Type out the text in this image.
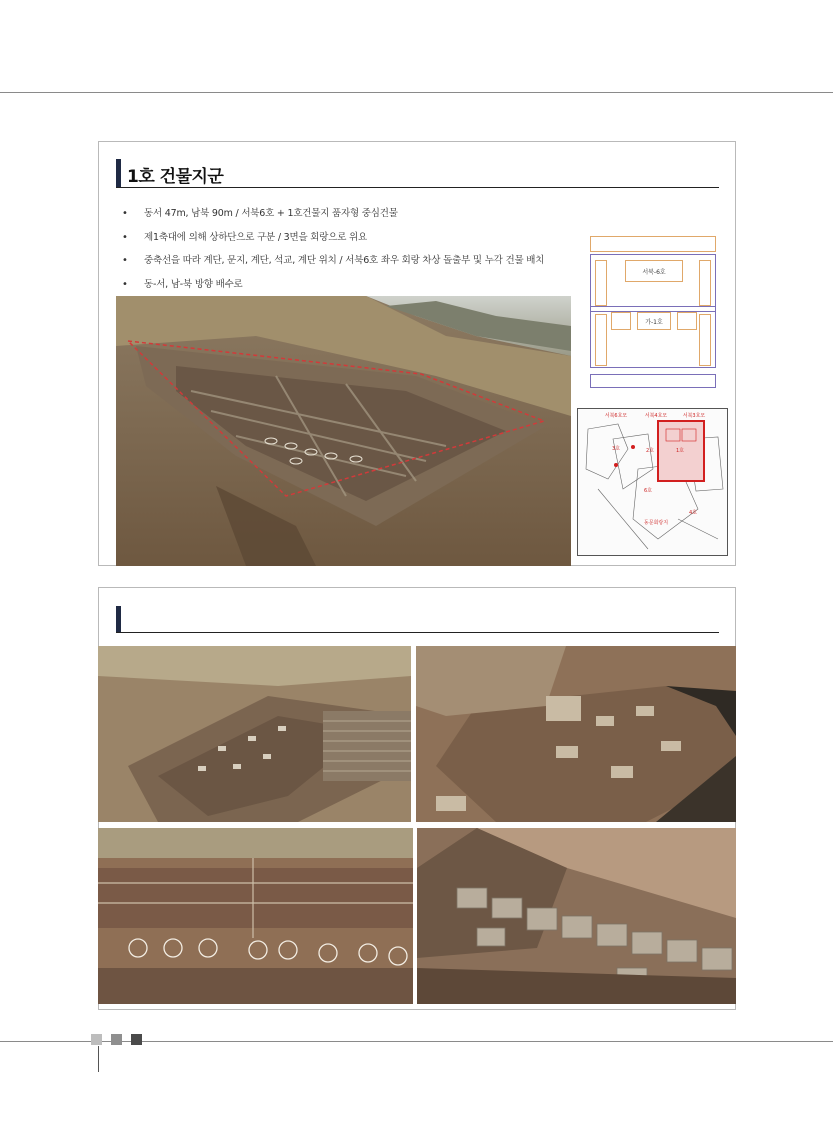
1호 건물지군
• 동서 47m, 남북 90m / 서북6호 + 1호건물지 품자형 중심건물
• 제1축대에 의해 상하단으로 구분 / 3면을 회랑으로 위요
• 중축선을 따라 계단, 문지, 계단, 석교, 계단 위치 / 서북6호 좌우 회랑 차상 돌출부 및 누각 건물 배치
• 동-서, 남-북 방향 배수로
서북-6호
가-1호
서북6호모	서북4호모	서북3호모
1호
3호	2호
6호
4호
동문회랑지
